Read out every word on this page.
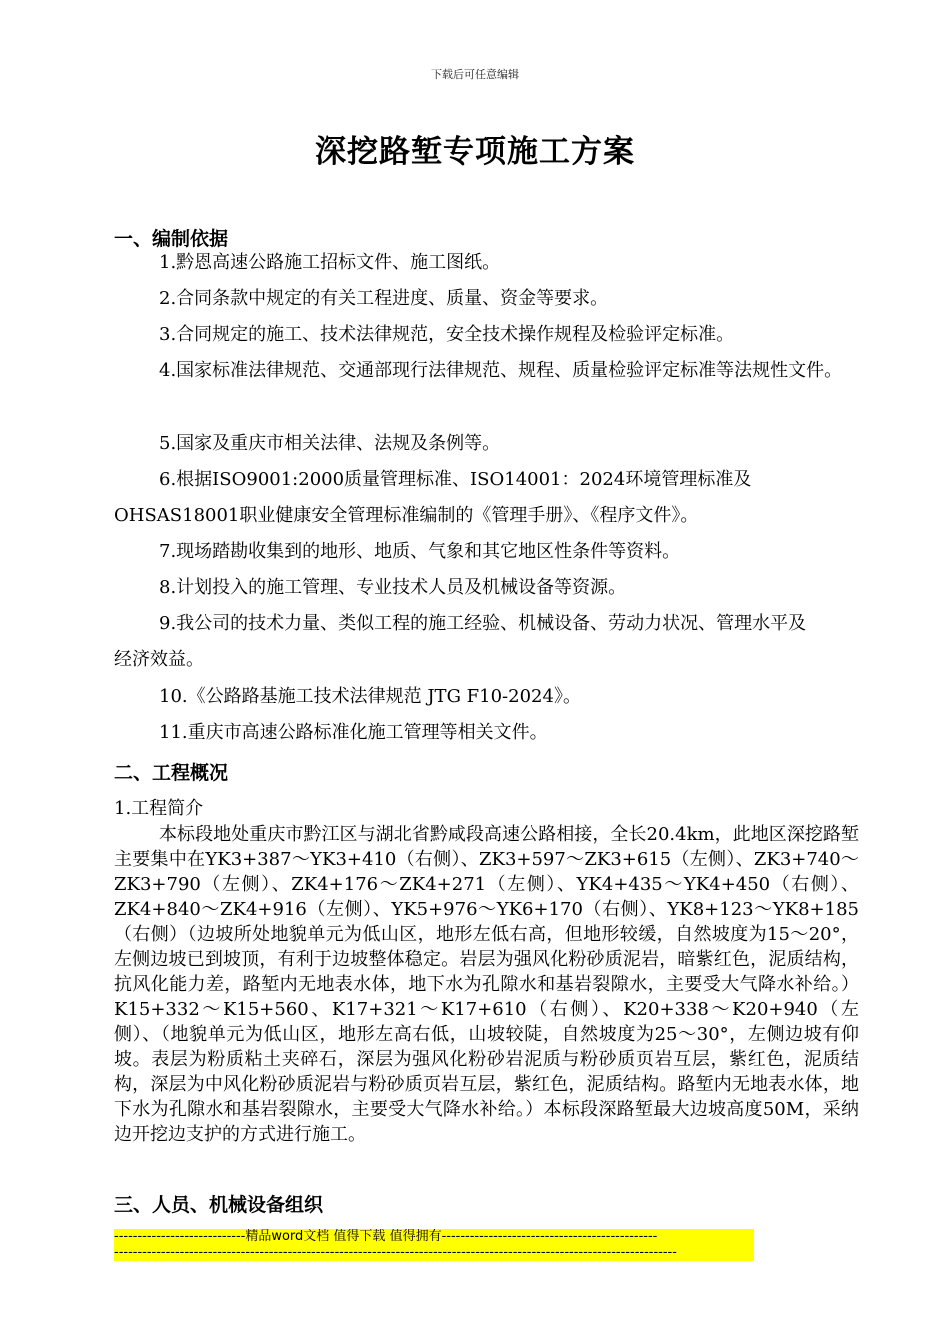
下载后可任意编辑
深挖路堑专项施工方案
一、编制依据
1.黔恩高速公路施工招标文件、施工图纸。
2.合同条款中规定的有关工程进度、质量、资金等要求。
3.合同规定的施工、技术法律规范，安全技术操作规程及检验评定标准。
4.国家标准法律规范、交通部现行法律规范、规程、质量检验评定标准等法规性文件。
5.国家及重庆市相关法律、法规及条例等。
6.根据ISO9001:2000质量管理标准、ISO14001：2024环境管理标准及OHSAS18001职业健康安全管理标准编制的《管理手册》、《程序文件》。
7.现场踏勘收集到的地形、地质、气象和其它地区性条件等资料。
8.计划投入的施工管理、专业技术人员及机械设备等资源。
9.我公司的技术力量、类似工程的施工经验、机械设备、劳动力状况、管理水平及经济效益。
10.《公路路基施工技术法律规范 JTG F10-2024》。
11.重庆市高速公路标准化施工管理等相关文件。
二、工程概况
1.工程简介
本标段地处重庆市黔江区与湖北省黔咸段高速公路相接，全长20.4km，此地区深挖路堑主要集中在YK3+387～YK3+410（右侧）、ZK3+597～ZK3+615（左侧）、ZK3+740～ZK3+790（左侧）、ZK4+176～ZK4+271（左侧）、YK4+435～YK4+450（右侧）、ZK4+840～ZK4+916（左侧）、YK5+976～YK6+170（右侧）、YK8+123～YK8+185（右侧）（边坡所处地貌单元为低山区，地形左低右高，但地形较缓，自然坡度为15～20°，左侧边坡已到坡顶，有利于边坡整体稳定。岩层为强风化粉砂质泥岩，暗紫红色，泥质结构，抗风化能力差，路堑内无地表水体，地下水为孔隙水和基岩裂隙水，主要受大气降水补给。）K15+332～K15+560、K17+321～K17+610（右侧）、K20+338～K20+940（左侧）、（地貌单元为低山区，地形左高右低，山坡较陡，自然坡度为25～30°，左侧边坡有仰坡。表层为粉质粘土夹碎石，深层为强风化粉砂岩泥质与粉砂质页岩互层，紫红色，泥质结构，深层为中风化粉砂质泥岩与粉砂质页岩互层，紫红色，泥质结构。路堑内无地表水体，地下水为孔隙水和基岩裂隙水，主要受大气降水补给。）本标段深路堑最大边坡高度50M，采纳边开挖边支护的方式进行施工。
三、人员、机械设备组织
----------------------------精品word文档 值得下载 值得拥有----------------------------------------------
------------------------------------------------------------------------------------------------------------------------
